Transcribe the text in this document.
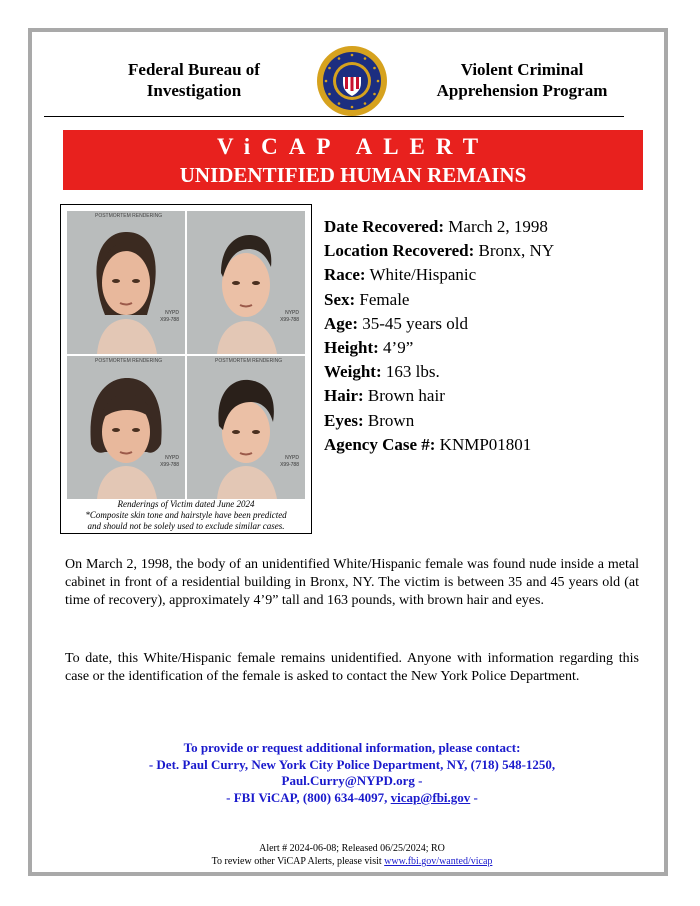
Federal Bureau of
Investigation
Violent Criminal
Apprehension Program
ViCAP ALERT
UNIDENTIFIED HUMAN REMAINS
POSTMORTEM RENDERING
NYPD
X99-788
NYPD
X99-788
POSTMORTEM RENDERING
NYPD
X99-788
POSTMORTEM RENDERING
NYPD
X99-788
Renderings of Victim dated June 2024
*Composite skin tone and hairstyle have been predicted
and should not be solely used to exclude similar cases.
Date Recovered: March 2, 1998
Location Recovered: Bronx, NY
Race: White/Hispanic
Sex: Female
Age: 35-45 years old
Height: 4’9”
Weight: 163 lbs.
Hair: Brown hair
Eyes: Brown
Agency Case #: KNMP01801
On March 2, 1998, the body of an unidentified White/Hispanic female was found nude inside a metal cabinet in front of a residential building in Bronx, NY. The victim is between 35 and 45 years old (at time of recovery), approximately 4’9” tall and 163 pounds, with brown hair and eyes.
To date, this White/Hispanic female remains unidentified. Anyone with information regarding this case or the identification of the female is asked to contact the New York Police Department.
To provide or request additional information, please contact:
- Det. Paul Curry, New York City Police Department, NY, (718) 548-1250,
Paul.Curry@NYPD.org -
- FBI ViCAP, (800) 634-4097, vicap@fbi.gov -
Alert # 2024-06-08; Released 06/25/2024; RO
To review other ViCAP Alerts, please visit www.fbi.gov/wanted/vicap
